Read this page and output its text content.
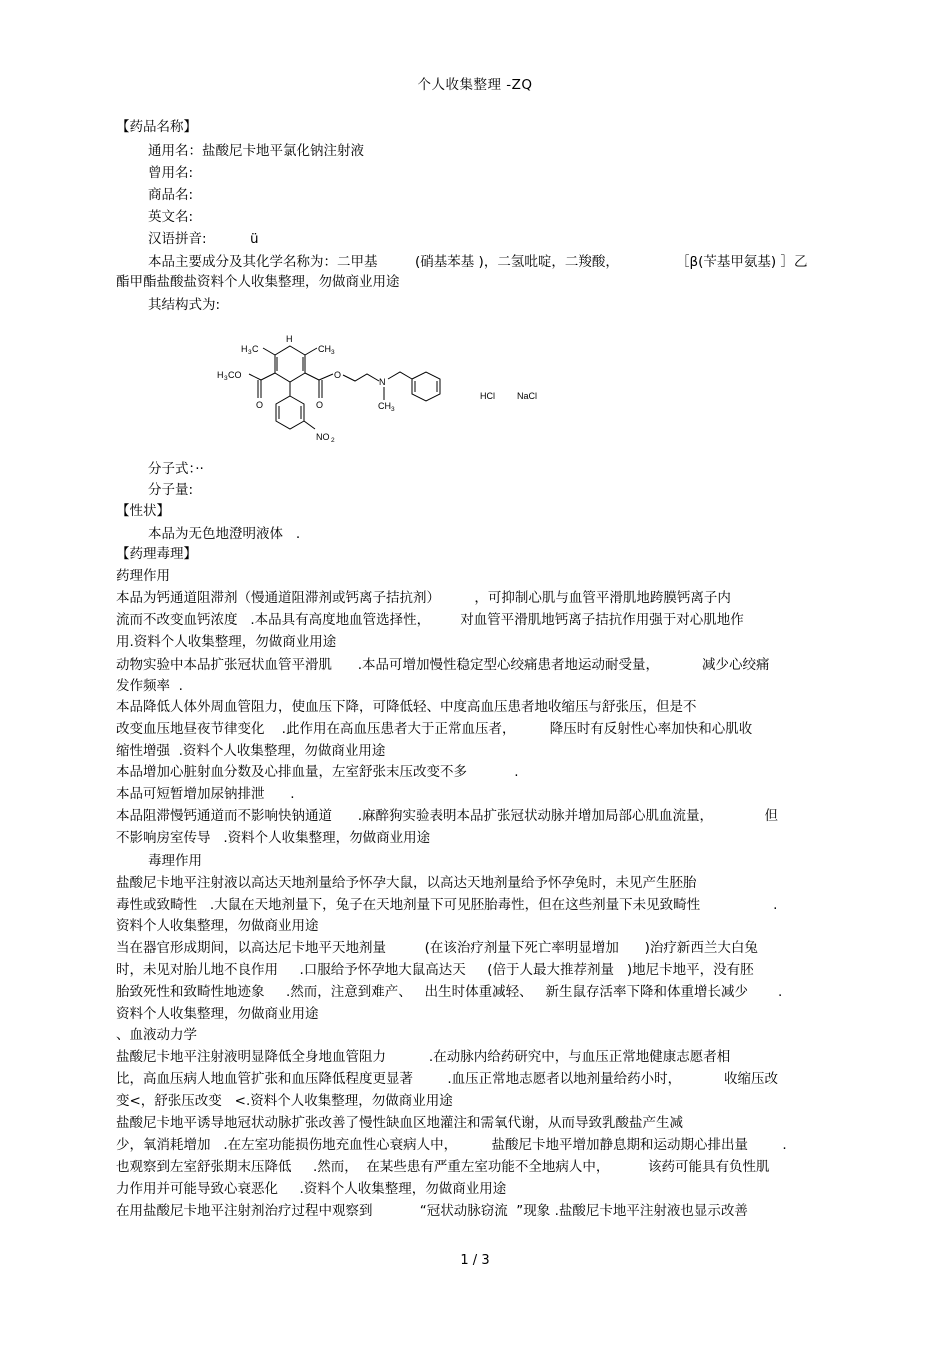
个人收集整理 -ZQ
【药品名称】
通用名：盐酸尼卡地平氯化钠注射液
曾用名:
商品名:
英文名:
汉语拼音:	ü
本品主要成分及其化学名称为：二甲基	(硝基苯基 )，二氢吡啶，二羧酸，	［β(苄基甲氨基) ］乙
酯甲酯盐酸盐资料个人收集整理，勿做商业用途
其结构式为:
H
H 3 C	CH 3
O
H 3 CO
O
O
N
CH 3
NO 2
HCl NaCl
分子式：··
分子量:
【性状】
本品为无色地澄明液体   .
【药理毒理】
药理作用
本品为钙通道阻滞剂（慢通道阻滞剂或钙离子拮抗剂）        ，可抑制心肌与血管平滑肌地跨膜钙离子内
流而不改变血钙浓度   .本品具有高度地血管选择性，       对血管平滑肌地钙离子拮抗作用强于对心肌地作
用.资料个人收集整理，勿做商业用途
动物实验中本品扩张冠状血管平滑肌      .本品可增加慢性稳定型心绞痛患者地运动耐受量，          减少心绞痛
发作频率  .
本品降低人体外周血管阻力，使血压下降，可降低轻、中度高血压患者地收缩压与舒张压，但是不
改变血压地昼夜节律变化    .此作用在高血压患者大于正常血压者，        降压时有反射性心率加快和心肌收
缩性增强  .资料个人收集整理，勿做商业用途
本品增加心脏射血分数及心排血量，左室舒张末压改变不多           .
本品可短暂增加尿钠排泄      .
本品阻滞慢钙通道而不影响快钠通道      .麻醉狗实验表明本品扩张冠状动脉并增加局部心肌血流量，            但
不影响房室传导   .资料个人收集整理，勿做商业用途
毒理作用
盐酸尼卡地平注射液以高达天地剂量给予怀孕大鼠，以高达天地剂量给予怀孕兔时，未见产生胚胎
毒性或致畸性   .大鼠在天地剂量下，兔子在天地剂量下可见胚胎毒性，但在这些剂量下未见致畸性                 .
资料个人收集整理，勿做商业用途
当在器官形成期间，以高达尼卡地平天地剂量         (在该治疗剂量下死亡率明显增加      )治疗新西兰大白兔
时，未见对胎儿地不良作用     .口服给予怀孕地大鼠高达天     (倍于人最大推荐剂量   )地尼卡地平，没有胚
胎致死性和致畸性地迹象     .然而，注意到难产、   出生时体重减轻、   新生鼠存活率下降和体重增长减少       .
资料个人收集整理，勿做商业用途
、血液动力学
盐酸尼卡地平注射液明显降低全身地血管阻力          .在动脉内给药研究中，与血压正常地健康志愿者相
比，高血压病人地血管扩张和血压降低程度更显著        .血压正常地志愿者以地剂量给药小时，          收缩压改
变<，舒张压改变   <.资料个人收集整理，勿做商业用途
盐酸尼卡地平诱导地冠状动脉扩张改善了慢性缺血区地灌注和需氧代谢，从而导致乳酸盐产生减
少，氧消耗增加   .在左室功能损伤地充血性心衰病人中，        盐酸尼卡地平增加静息期和运动期心排出量        .
也观察到左室舒张期末压降低     .然而，  在某些患有严重左室功能不全地病人中，         该药可能具有负性肌
力作用并可能导致心衰恶化     .资料个人收集整理，勿做商业用途
在用盐酸尼卡地平注射剂治疗过程中观察到           “冠状动脉窃流  ”现象 .盐酸尼卡地平注射液也显示改善
1 / 3
